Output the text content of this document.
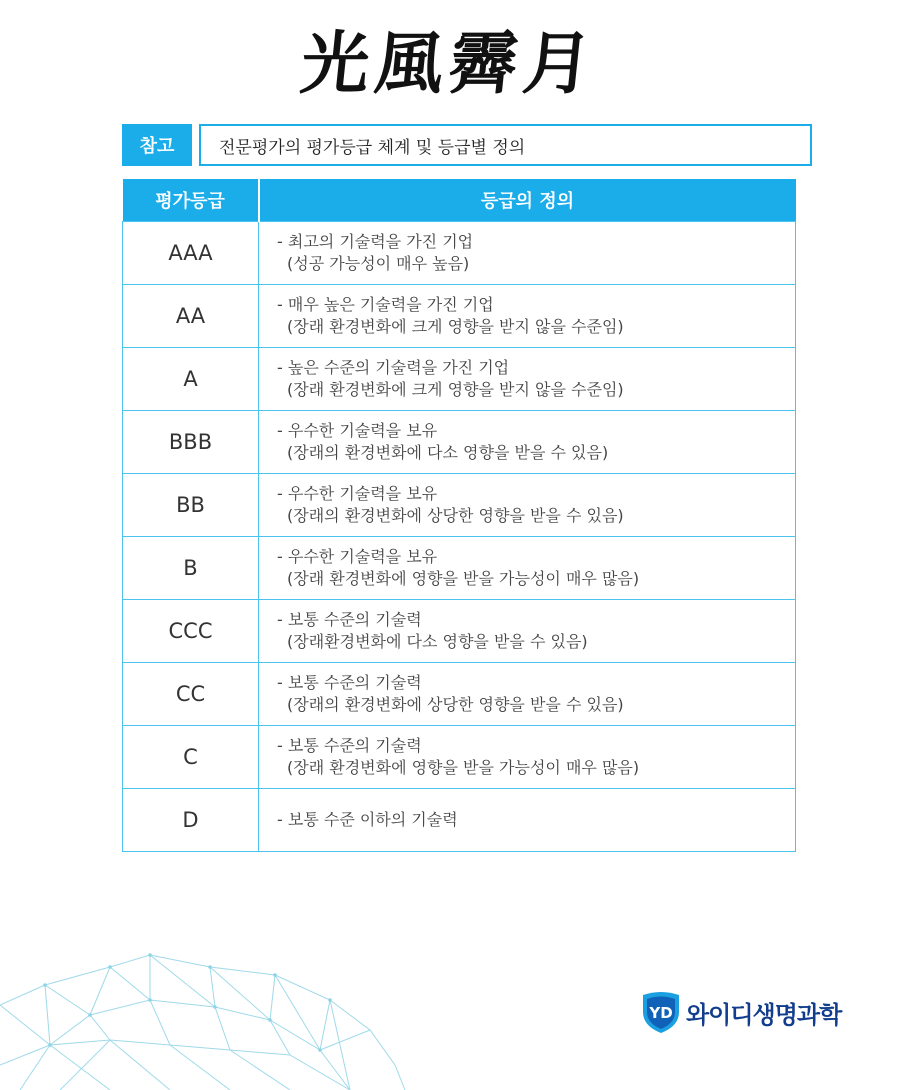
光風霽月
참고	전문평가의 평가등급 체계 및 등급별 정의
평가등급	등급의 정의
AAA	- 최고의 기술력을 가진 기업
(성공 가능성이 매우 높음)

AA	- 매우 높은 기술력을 가진 기업
(장래 환경변화에 크게 영향을 받지 않을 수준임)

A	- 높은 수준의 기술력을 가진 기업
(장래 환경변화에 크게 영향을 받지 않을 수준임)

BBB	- 우수한 기술력을 보유
(장래의 환경변화에 다소 영향을 받을 수 있음)

BB	- 우수한 기술력을 보유
(장래의 환경변화에 상당한 영향을 받을 수 있음)

B	- 우수한 기술력을 보유
(장래 환경변화에 영향을 받을 가능성이 매우 많음)

CCC	- 보통 수준의 기술력
(장래환경변화에 다소 영향을 받을 수 있음)

CC	- 보통 수준의 기술력
(장래의 환경변화에 상당한 영향을 받을 수 있음)

C	- 보통 수준의 기술력
(장래 환경변화에 영향을 받을 가능성이 매우 많음)

D	- 보통 수준 이하의 기술력
YD 와이디생명과학
